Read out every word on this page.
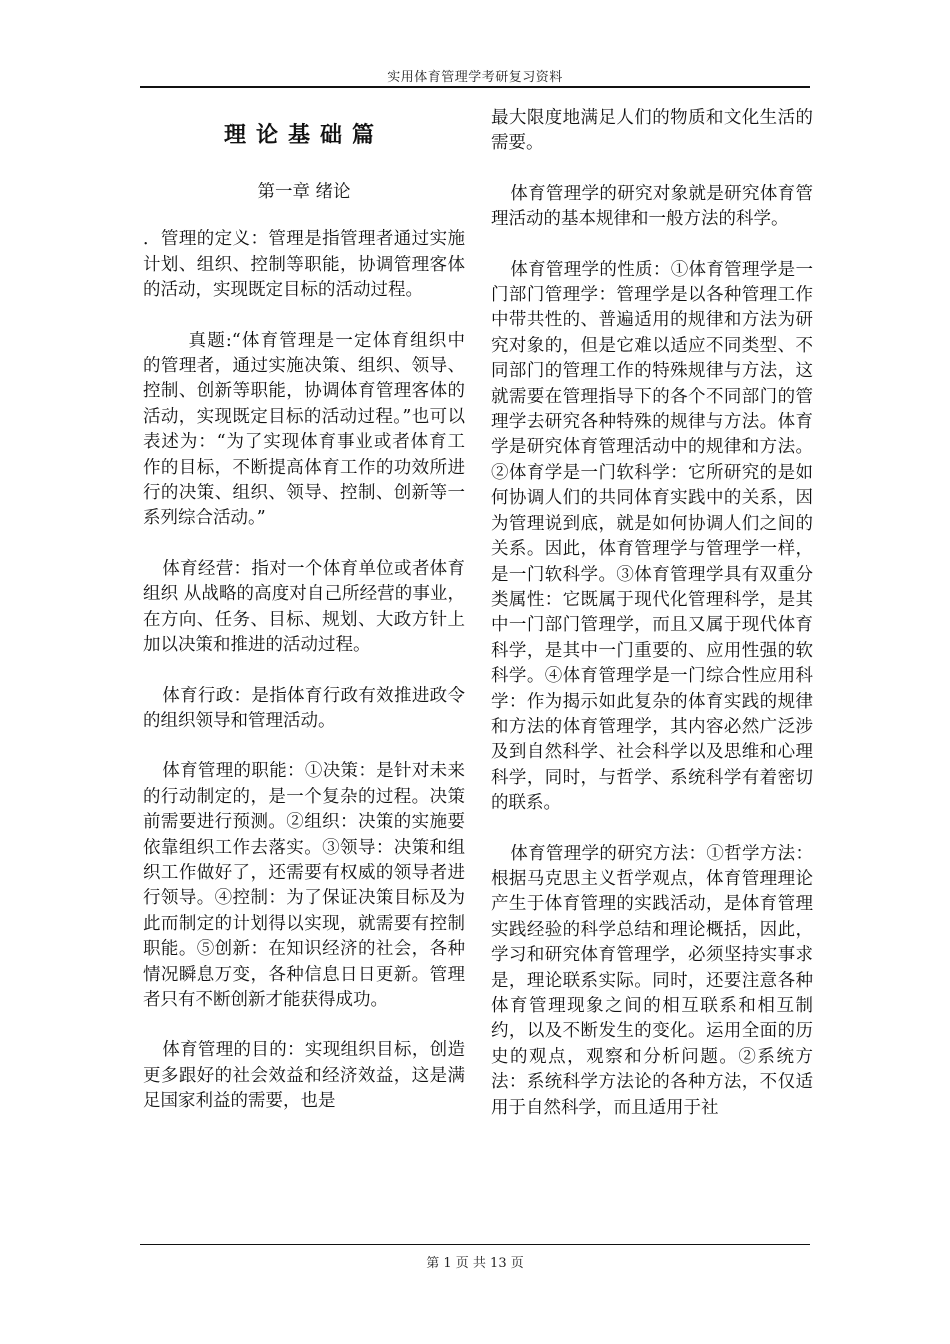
实用体育管理学考研复习资料
理论基础篇
第一章 绪论

．管理的定义：管理是指管理者通过实施计划、组织、控制等职能，协调管理客体的活动，实现既定目标的活动过程。

真题:“体育管理是一定体育组织中的管理者，通过实施决策、组织、领导、控制、创新等职能，协调体育管理客体的活动，实现既定目标的活动过程。”也可以表述为：“为了实现体育事业或者体育工作的目标，不断提高体育工作的功效所进行的决策、组织、领导、控制、创新等一系列综合活动。”

体育经营：指对一个体育单位或者体育组织 从战略的高度对自己所经营的事业，在方向、任务、目标、规划、大政方针上加以决策和推进的活动过程。

体育行政：是指体育行政有效推进政令的组织领导和管理活动。

体育管理的职能：①决策：是针对未来的行动制定的，是一个复杂的过程。决策前需要进行预测。②组织：决策的实施要依靠组织工作去落实。③领导：决策和组织工作做好了，还需要有权威的领导者进行领导。④控制：为了保证决策目标及为此而制定的计划得以实现，就需要有控制职能。⑤创新：在知识经济的社会，各种情况瞬息万变，各种信息日日更新。管理者只有不断创新才能获得成功。

体育管理的目的：实现组织目标，创造更多跟好的社会效益和经济效益，这是满足国家利益的需要，也是

最大限度地满足人们的物质和文化生活的需要。

体育管理学的研究对象就是研究体育管理活动的基本规律和一般方法的科学。

体育管理学的性质：①体育管理学是一门部门管理学：管理学是以各种管理工作中带共性的、普遍适用的规律和方法为研究对象的，但是它难以适应不同类型、不同部门的管理工作的特殊规律与方法，这就需要在管理指导下的各个不同部门的管理学去研究各种特殊的规律与方法。体育学是研究体育管理活动中的规律和方法。②体育学是一门软科学：它所研究的是如何协调人们的共同体育实践中的关系，因为管理说到底，就是如何协调人们之间的关系。因此，体育管理学与管理学一样，是一门软科学。③体育管理学具有双重分类属性：它既属于现代化管理科学，是其中一门部门管理学，而且又属于现代体育科学，是其中一门重要的、应用性强的软科学。④体育管理学是一门综合性应用科学：作为揭示如此复杂的体育实践的规律和方法的体育管理学，其内容必然广泛涉及到自然科学、社会科学以及思维和心理科学，同时，与哲学、系统科学有着密切的联系。

体育管理学的研究方法：①哲学方法：根据马克思主义哲学观点，体育管理理论产生于体育管理的实践活动，是体育管理实践经验的科学总结和理论概括，因此，学习和研究体育管理学，必须坚持实事求是，理论联系实际。同时，还要注意各种体育管理现象之间的相互联系和相互制约，以及不断发生的变化。运用全面的历史的观点，观察和分析问题。②系统方法：系统科学方法论的各种方法，不仅适用于自然科学，而且适用于社

第 1 页 共 13 页
